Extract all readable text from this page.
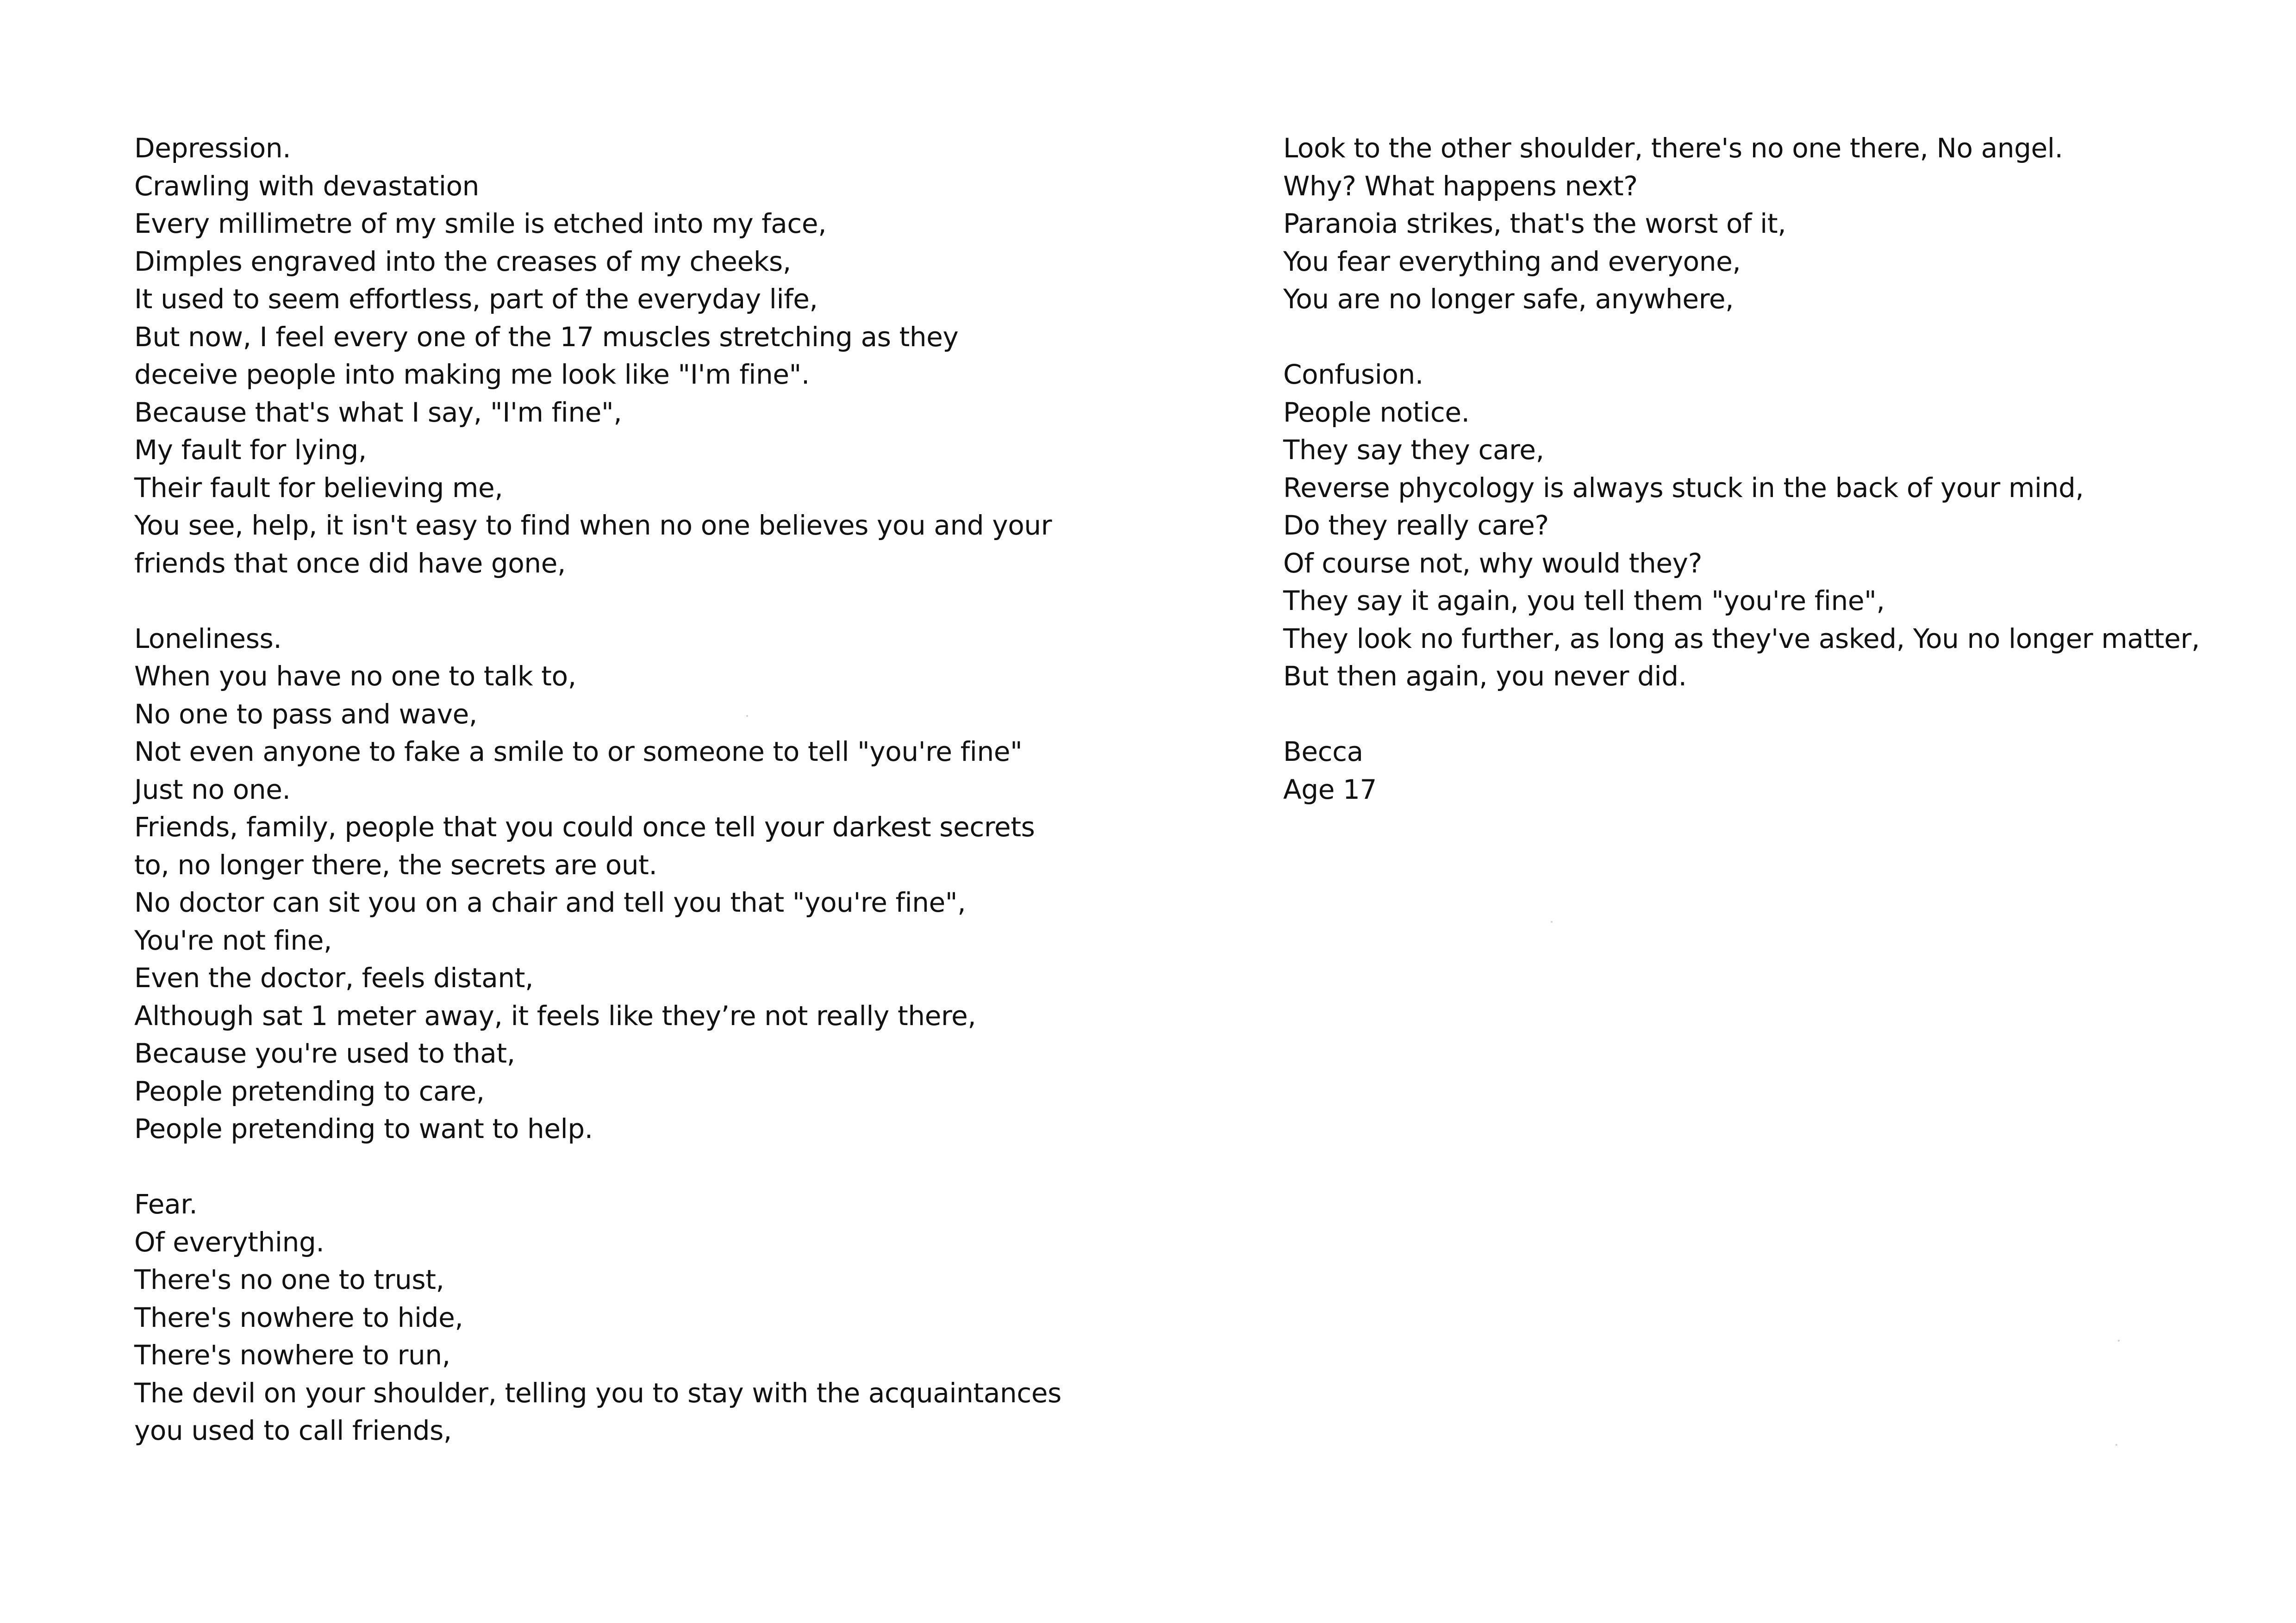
Depression.
Crawling with devastation
Every millimetre of my smile is etched into my face,
Dimples engraved into the creases of my cheeks,
It used to seem effortless, part of the everyday life,
But now, I feel every one of the 17 muscles stretching as they
deceive people into making me look like "I'm fine".
Because that's what I say, "I'm fine",
My fault for lying,
Their fault for believing me,
You see, help, it isn't easy to find when no one believes you and your
friends that once did have gone,
Loneliness.
When you have no one to talk to,
No one to pass and wave,
Not even anyone to fake a smile to or someone to tell "you're fine"
Just no one.
Friends, family, people that you could once tell your darkest secrets
to, no longer there, the secrets are out.
No doctor can sit you on a chair and tell you that "you're fine",
You're not fine,
Even the doctor, feels distant,
Although sat 1 meter away, it feels like they’re not really there,
Because you're used to that,
People pretending to care,
People pretending to want to help.
Fear.
Of everything.
There's no one to trust,
There's nowhere to hide,
There's nowhere to run,
The devil on your shoulder, telling you to stay with the acquaintances
you used to call friends,
Look to the other shoulder, there's no one there, No angel.
Why? What happens next?
Paranoia strikes, that's the worst of it,
You fear everything and everyone,
You are no longer safe, anywhere,
Confusion.
People notice.
They say they care,
Reverse phycology is always stuck in the back of your mind,
Do they really care?
Of course not, why would they?
They say it again, you tell them "you're fine",
They look no further, as long as they've asked, You no longer matter,
But then again, you never did.
Becca
Age 17
